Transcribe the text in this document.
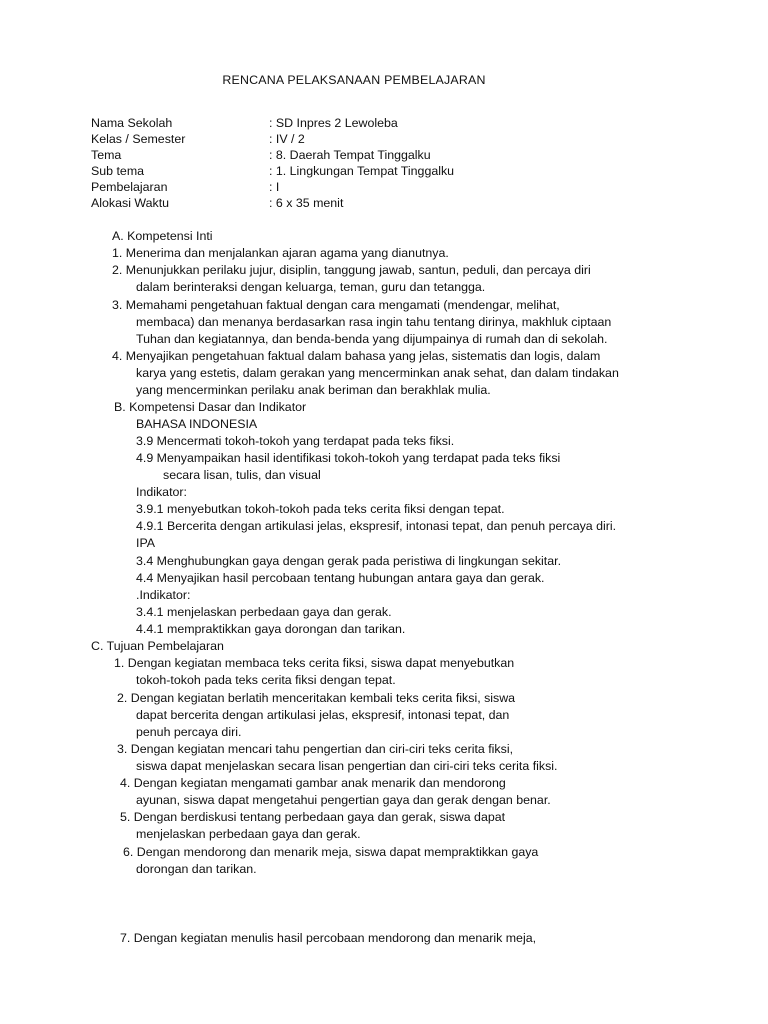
RENCANA PELAKSANAAN PEMBELAJARAN
Nama Sekolah	: SD Inpres 2 Lewoleba
Kelas / Semester	: IV / 2
Tema	: 8. Daerah Tempat Tinggalku
Sub tema	: 1. Lingkungan Tempat Tinggalku
Pembelajaran	: I
Alokasi Waktu	: 6 x 35 menit
A. Kompetensi Inti
1. Menerima dan menjalankan ajaran agama yang dianutnya.
2. Menunjukkan perilaku jujur, disiplin, tanggung jawab, santun, peduli, dan percaya diri
dalam berinteraksi dengan keluarga, teman, guru dan tetangga.
3. Memahami pengetahuan faktual dengan cara mengamati (mendengar, melihat,
membaca) dan menanya berdasarkan rasa ingin tahu tentang dirinya, makhluk ciptaan
Tuhan dan kegiatannya, dan benda-benda yang dijumpainya di rumah dan di sekolah.
4. Menyajikan pengetahuan faktual dalam bahasa yang jelas, sistematis dan logis, dalam
karya yang estetis, dalam gerakan yang mencerminkan anak sehat, dan dalam tindakan
yang mencerminkan perilaku anak beriman dan berakhlak mulia.
B. Kompetensi Dasar dan Indikator
BAHASA INDONESIA
3.9 Mencermati tokoh-tokoh yang terdapat pada teks fiksi.
4.9 Menyampaikan hasil identifikasi tokoh-tokoh yang terdapat pada teks fiksi
secara lisan, tulis, dan visual
Indikator:
3.9.1 menyebutkan tokoh-tokoh pada teks cerita fiksi dengan tepat.
4.9.1 Bercerita dengan artikulasi jelas, ekspresif, intonasi tepat, dan penuh percaya diri.
IPA
3.4 Menghubungkan gaya dengan gerak pada peristiwa di lingkungan sekitar.
4.4 Menyajikan hasil percobaan tentang hubungan antara gaya dan gerak.
.Indikator:
3.4.1 menjelaskan perbedaan gaya dan gerak.
4.4.1 mempraktikkan gaya dorongan dan tarikan.
C. Tujuan Pembelajaran
1. Dengan kegiatan membaca teks cerita fiksi, siswa dapat menyebutkan
tokoh-tokoh pada teks cerita fiksi dengan tepat.
2. Dengan kegiatan berlatih menceritakan kembali teks cerita fiksi, siswa
dapat bercerita dengan artikulasi jelas, ekspresif, intonasi tepat, dan
penuh percaya diri.
3. Dengan kegiatan mencari tahu pengertian dan ciri-ciri teks cerita fiksi,
siswa dapat menjelaskan secara lisan pengertian dan ciri-ciri teks cerita fiksi.
4. Dengan kegiatan mengamati gambar anak menarik dan mendorong
ayunan, siswa dapat mengetahui pengertian gaya dan gerak dengan benar.
5. Dengan berdiskusi tentang perbedaan gaya dan gerak, siswa dapat
menjelaskan perbedaan gaya dan gerak.
6. Dengan mendorong dan menarik meja, siswa dapat mempraktikkan gaya
dorongan dan tarikan.
7. Dengan kegiatan menulis hasil percobaan mendorong dan menarik meja,
